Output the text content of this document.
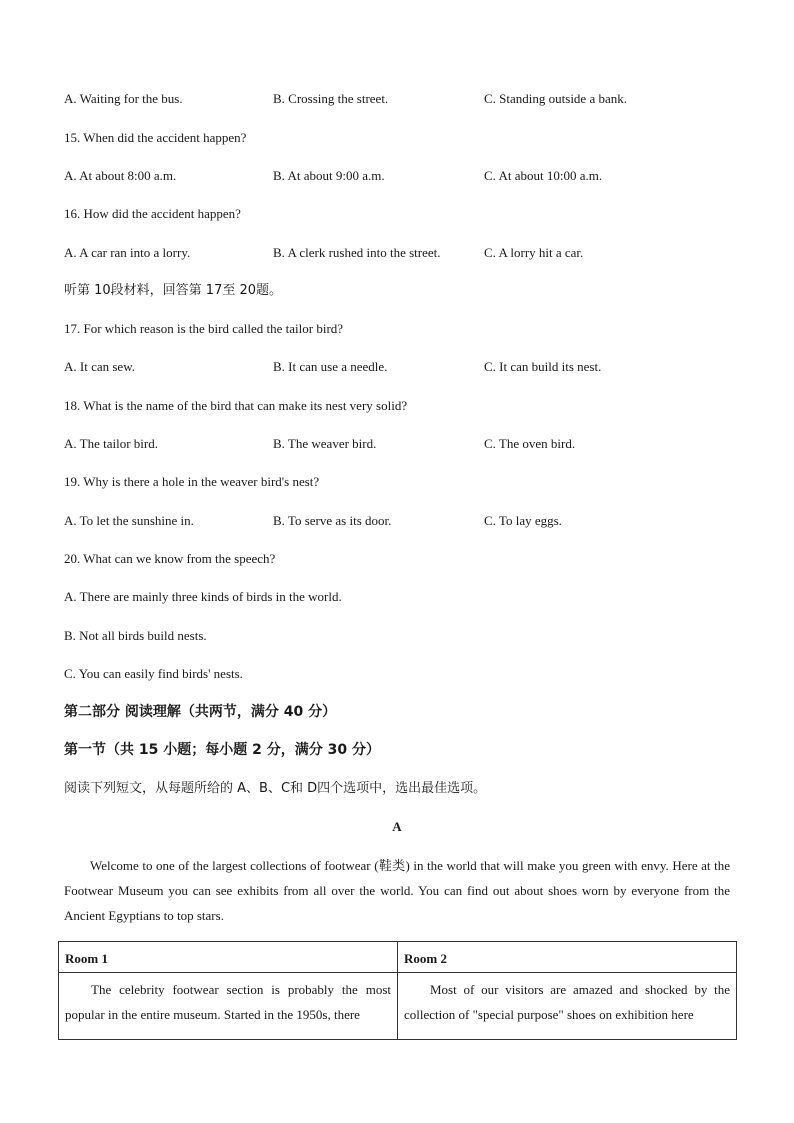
A. Waiting for the bus.	B. Crossing the street.	C. Standing outside a bank.
15. When did the accident happen?
A. At about 8:00 a.m.	B. At about 9:00 a.m.	C. At about 10:00 a.m.
16. How did the accident happen?
A. A car ran into a lorry.	B. A clerk rushed into the street.	C. A lorry hit a car.
听第 10段材料，回答第 17至 20题。
17. For which reason is the bird called the tailor bird?
A. It can sew.	B. It can use a needle.	C. It can build its nest.
18. What is the name of the bird that can make its nest very solid?
A. The tailor bird.	B. The weaver bird.	C. The oven bird.
19. Why is there a hole in the weaver bird's nest?
A. To let the sunshine in.	B. To serve as its door.	C. To lay eggs.
20. What can we know from the speech?
A. There are mainly three kinds of birds in the world.
B. Not all birds build nests.
C. You can easily find birds' nests.
第二部分 阅读理解（共两节，满分 40 分）
第一节（共 15 小题；每小题 2 分，满分 30 分）
阅读下列短文，从每题所给的 A、B、C和 D四个选项中，选出最佳选项。
A
Welcome to one of the largest collections of footwear (鞋类) in the world that will make you green with envy. Here at the Footwear Museum you can see exhibits from all over the world. You can find out about shoes worn by everyone from the Ancient Egyptians to top stars.
Room 1	Room 2

The celebrity footwear section is probably the most popular in the entire museum. Started in the 1950s, there	Most of our visitors are amazed and shocked by the collection of "special purpose" shoes on exhibition here
